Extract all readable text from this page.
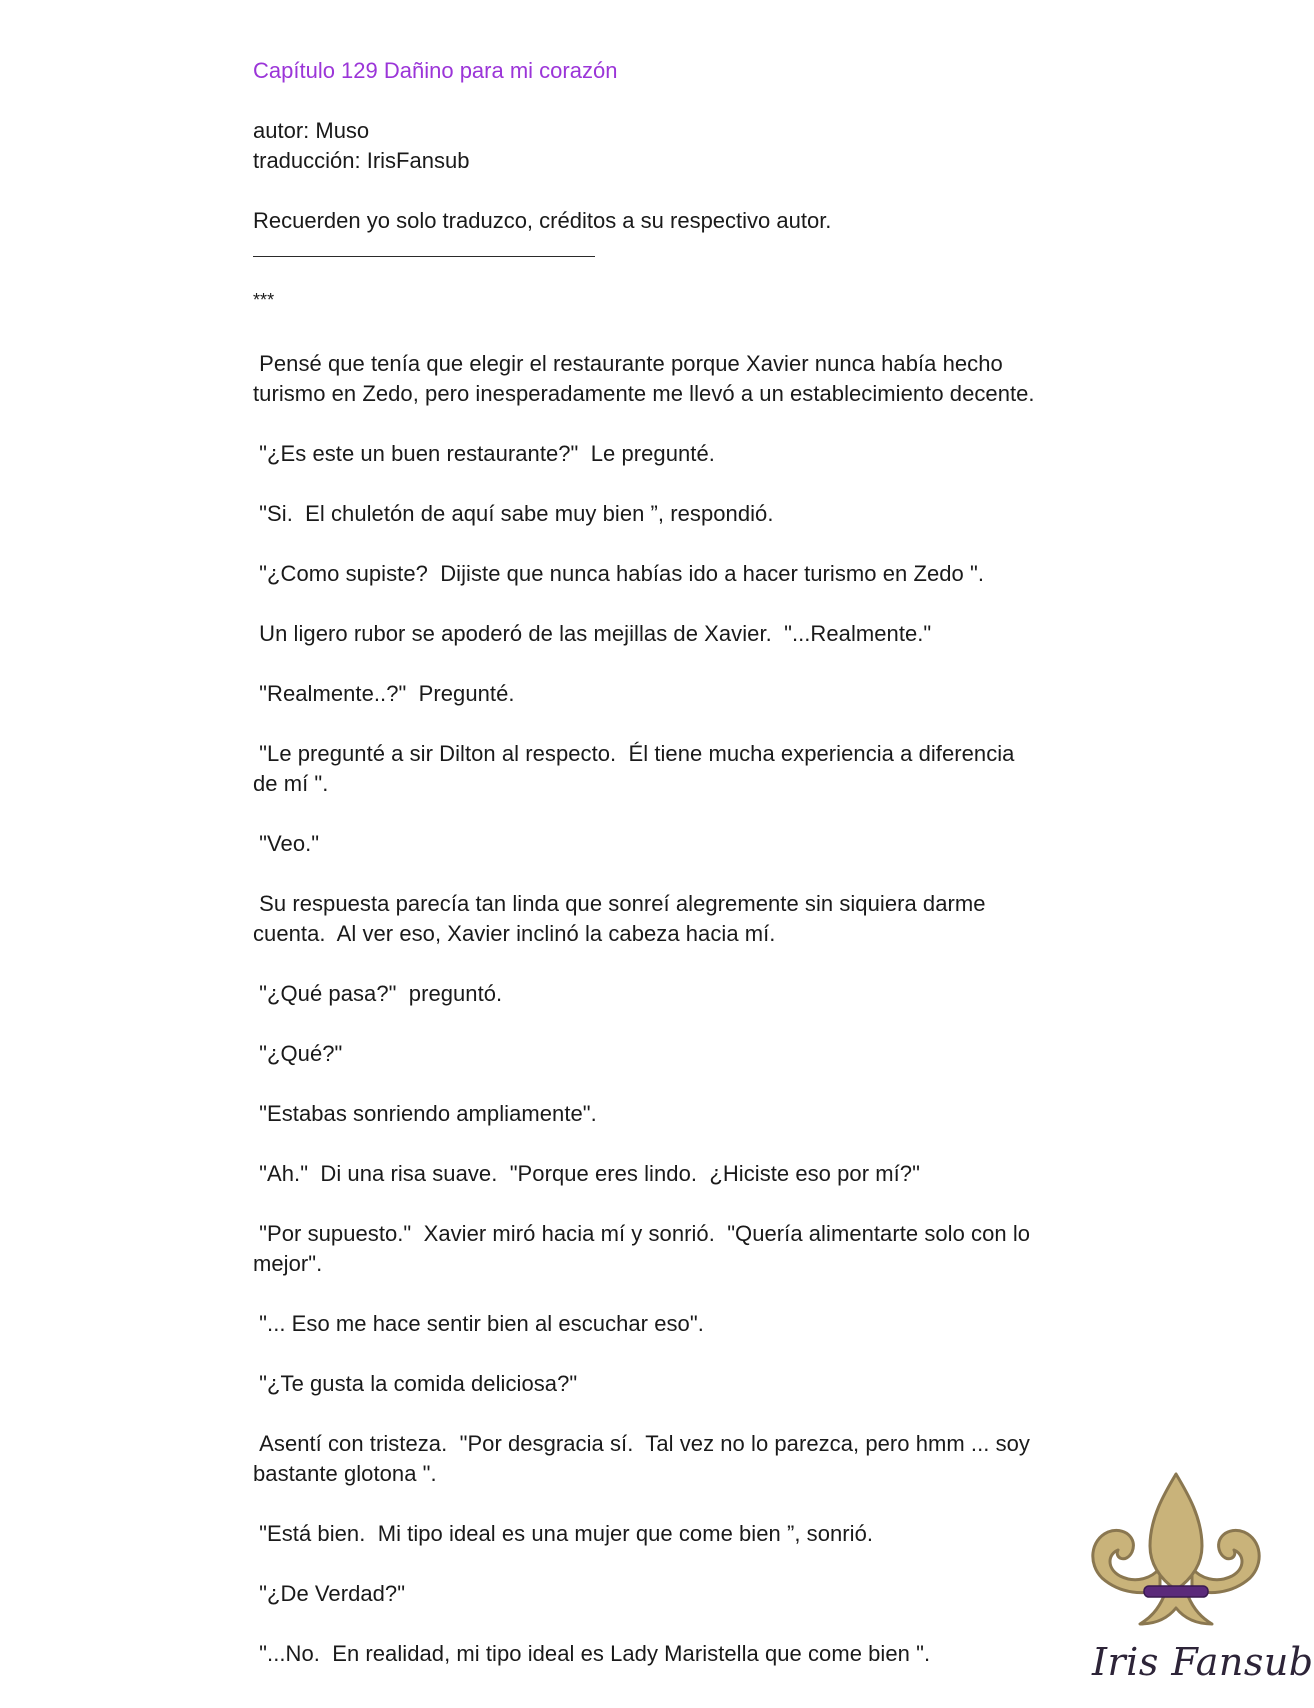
Capítulo 129 Dañino para mi corazón

autor: Muso
traducción: IrisFansub
Recuerden yo solo traduzco, créditos a su respectivo autor.
***

Pensé que tenía que elegir el restaurante porque Xavier nunca había hecho turismo en Zedo, pero inesperadamente me llevó a un establecimiento decente.

"¿Es este un buen restaurante?"  Le pregunté.

"Si.  El chuletón de aquí sabe muy bien ”, respondió.

"¿Como supiste?  Dijiste que nunca habías ido a hacer turismo en Zedo ".

Un ligero rubor se apoderó de las mejillas de Xavier.  "...Realmente."

"Realmente..?"  Pregunté.

"Le pregunté a sir Dilton al respecto.  Él tiene mucha experiencia a diferencia de mí ".

"Veo."

Su respuesta parecía tan linda que sonreí alegremente sin siquiera darme cuenta.  Al ver eso, Xavier inclinó la cabeza hacia mí.

"¿Qué pasa?"  preguntó.

"¿Qué?"

"Estabas sonriendo ampliamente".

"Ah."  Di una risa suave.  "Porque eres lindo.  ¿Hiciste eso por mí?"

"Por supuesto."  Xavier miró hacia mí y sonrió.  "Quería alimentarte solo con lo mejor".

"... Eso me hace sentir bien al escuchar eso".

"¿Te gusta la comida deliciosa?"

Asentí con tristeza.  "Por desgracia sí.  Tal vez no lo parezca, pero hmm ... soy bastante glotona ".

"Está bien.  Mi tipo ideal es una mujer que come bien ”, sonrió.

"¿De Verdad?"

"...No.  En realidad, mi tipo ideal es Lady Maristella que come bien ".	Iris Fansub
